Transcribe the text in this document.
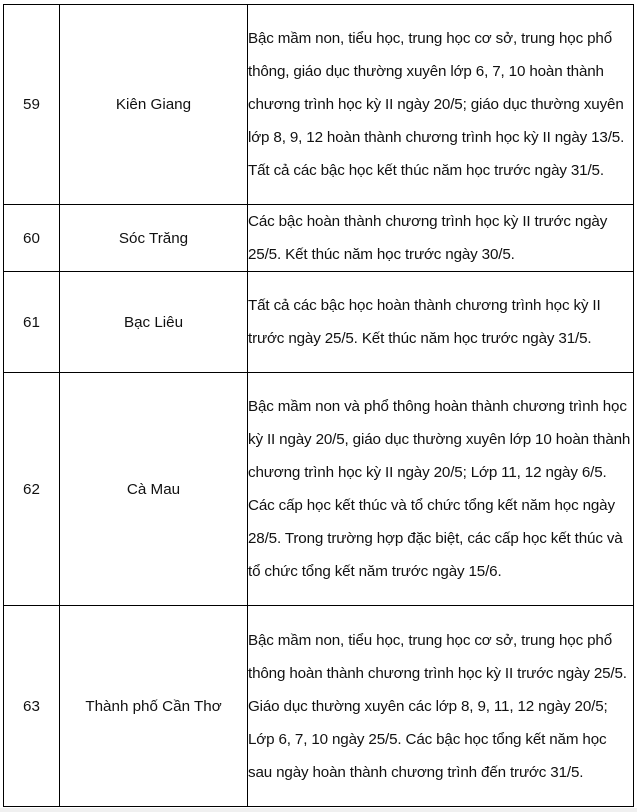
59	Kiên Giang	Bậc mầm non, tiểu học, trung học cơ sở, trung học phổ thông, giáo dục thường xuyên lớp 6, 7, 10 hoàn thành chương trình học kỳ II ngày 20/5; giáo dục thường xuyên lớp 8, 9, 12 hoàn thành chương trình học kỳ II ngày 13/5. Tất cả các bậc học kết thúc năm học trước ngày 31/5.
60	Sóc Trăng	Các bậc hoàn thành chương trình học kỳ II trước ngày 25/5. Kết thúc năm học trước ngày 30/5.
61	Bạc Liêu	Tất cả các bậc học hoàn thành chương trình học kỳ II trước ngày 25/5. Kết thúc năm học trước ngày 31/5.
62	Cà Mau	Bậc mầm non và phổ thông hoàn thành chương trình học kỳ II ngày 20/5, giáo dục thường xuyên lớp 10 hoàn thành chương trình học kỳ II ngày 20/5; Lớp 11, 12 ngày 6/5. Các cấp học kết thúc và tổ chức tổng kết năm học ngày 28/5. Trong trường hợp đặc biệt, các cấp học kết thúc và tổ chức tổng kết năm trước ngày 15/6.
63	Thành phố Cần Thơ	Bậc mầm non, tiểu học, trung học cơ sở, trung học phổ thông hoàn thành chương trình học kỳ II trước ngày 25/5. Giáo dục thường xuyên các lớp 8, 9, 11, 12 ngày 20/5; Lớp 6, 7, 10 ngày 25/5. Các bậc học tổng kết năm học sau ngày hoàn thành chương trình đến trước 31/5.
